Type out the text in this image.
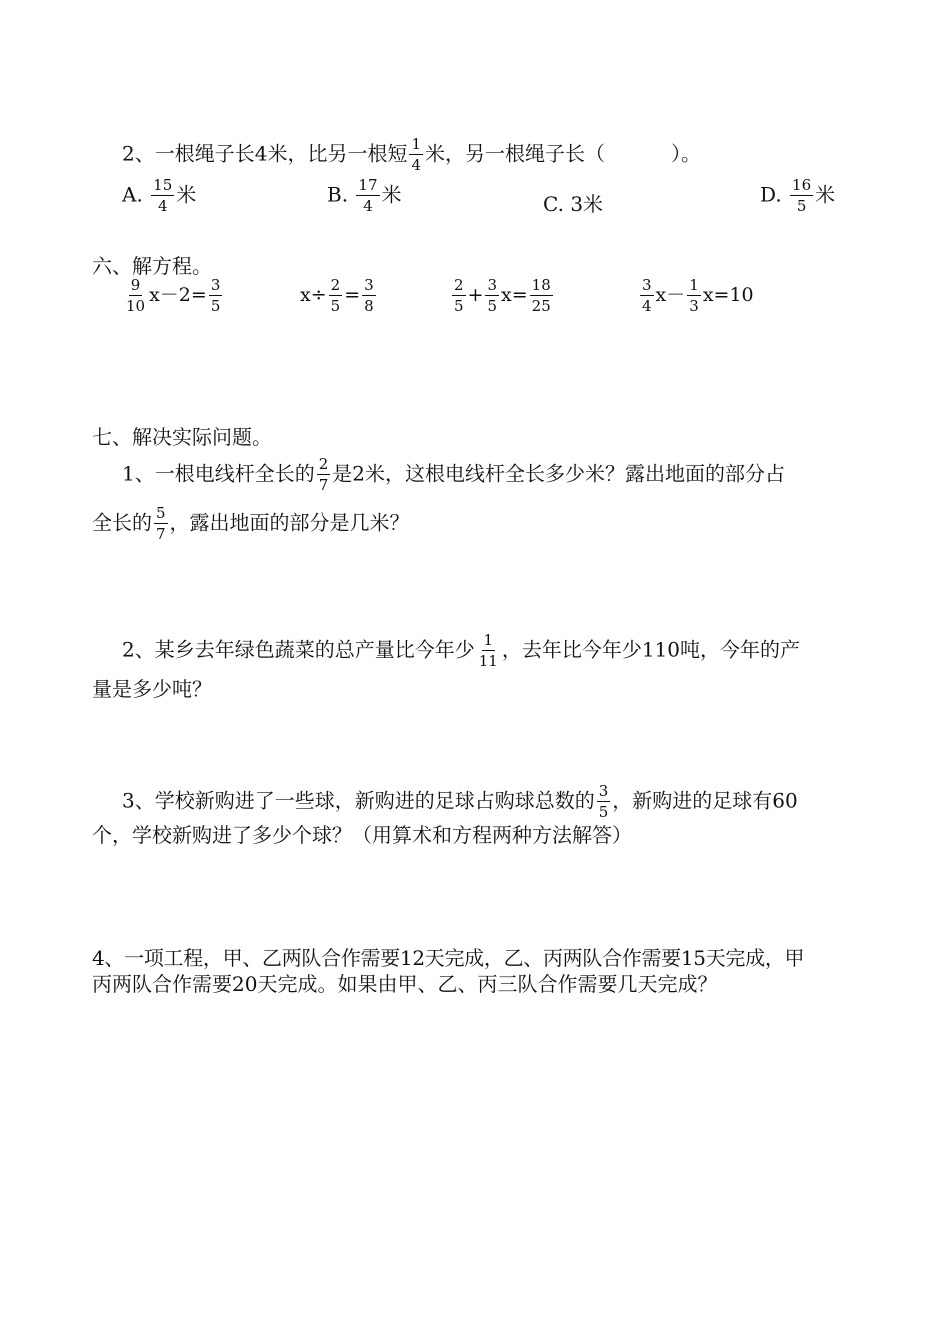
2、一根绳子长4米，比另一根短 $\frac{1}{4}$ 米，另一根绳子长（	）。
A. $\frac{15}{4}$ 米	B. $\frac{17}{4}$ 米	C. 3米	D. $\frac{16}{5}$ 米
六、解方程。
$\frac{9}{10} x-2= \frac{3}{5}$	$x\div \frac{2}{5} = \frac{3}{8}$	$\frac{2}{5} + \frac{3}{5} x= \frac{18}{25}$	$\frac{3}{4} x- \frac{1}{3} x=10$
七、解决实际问题。
1、一根电线杆全长的 $\frac{2}{7}$ 是2米，这根电线杆全长多少米？露出地面的部分占
全长的 $\frac{5}{7}$ ，露出地面的部分是几米？
2、某乡去年绿色蔬菜的总产量比今年少 $\frac{1}{11}$ ，去年比今年少110吨，今年的产
量是多少吨？
3、学校新购进了一些球，新购进的足球占购球总数的 $\frac{3}{5}$ ，新购进的足球有60
个，学校新购进了多少个球？（用算术和方程两种方法解答）
4、一项工程，甲、乙两队合作需要12天完成，乙、丙两队合作需要15天完成，甲
丙两队合作需要20天完成。如果由甲、乙、丙三队合作需要几天完成？
